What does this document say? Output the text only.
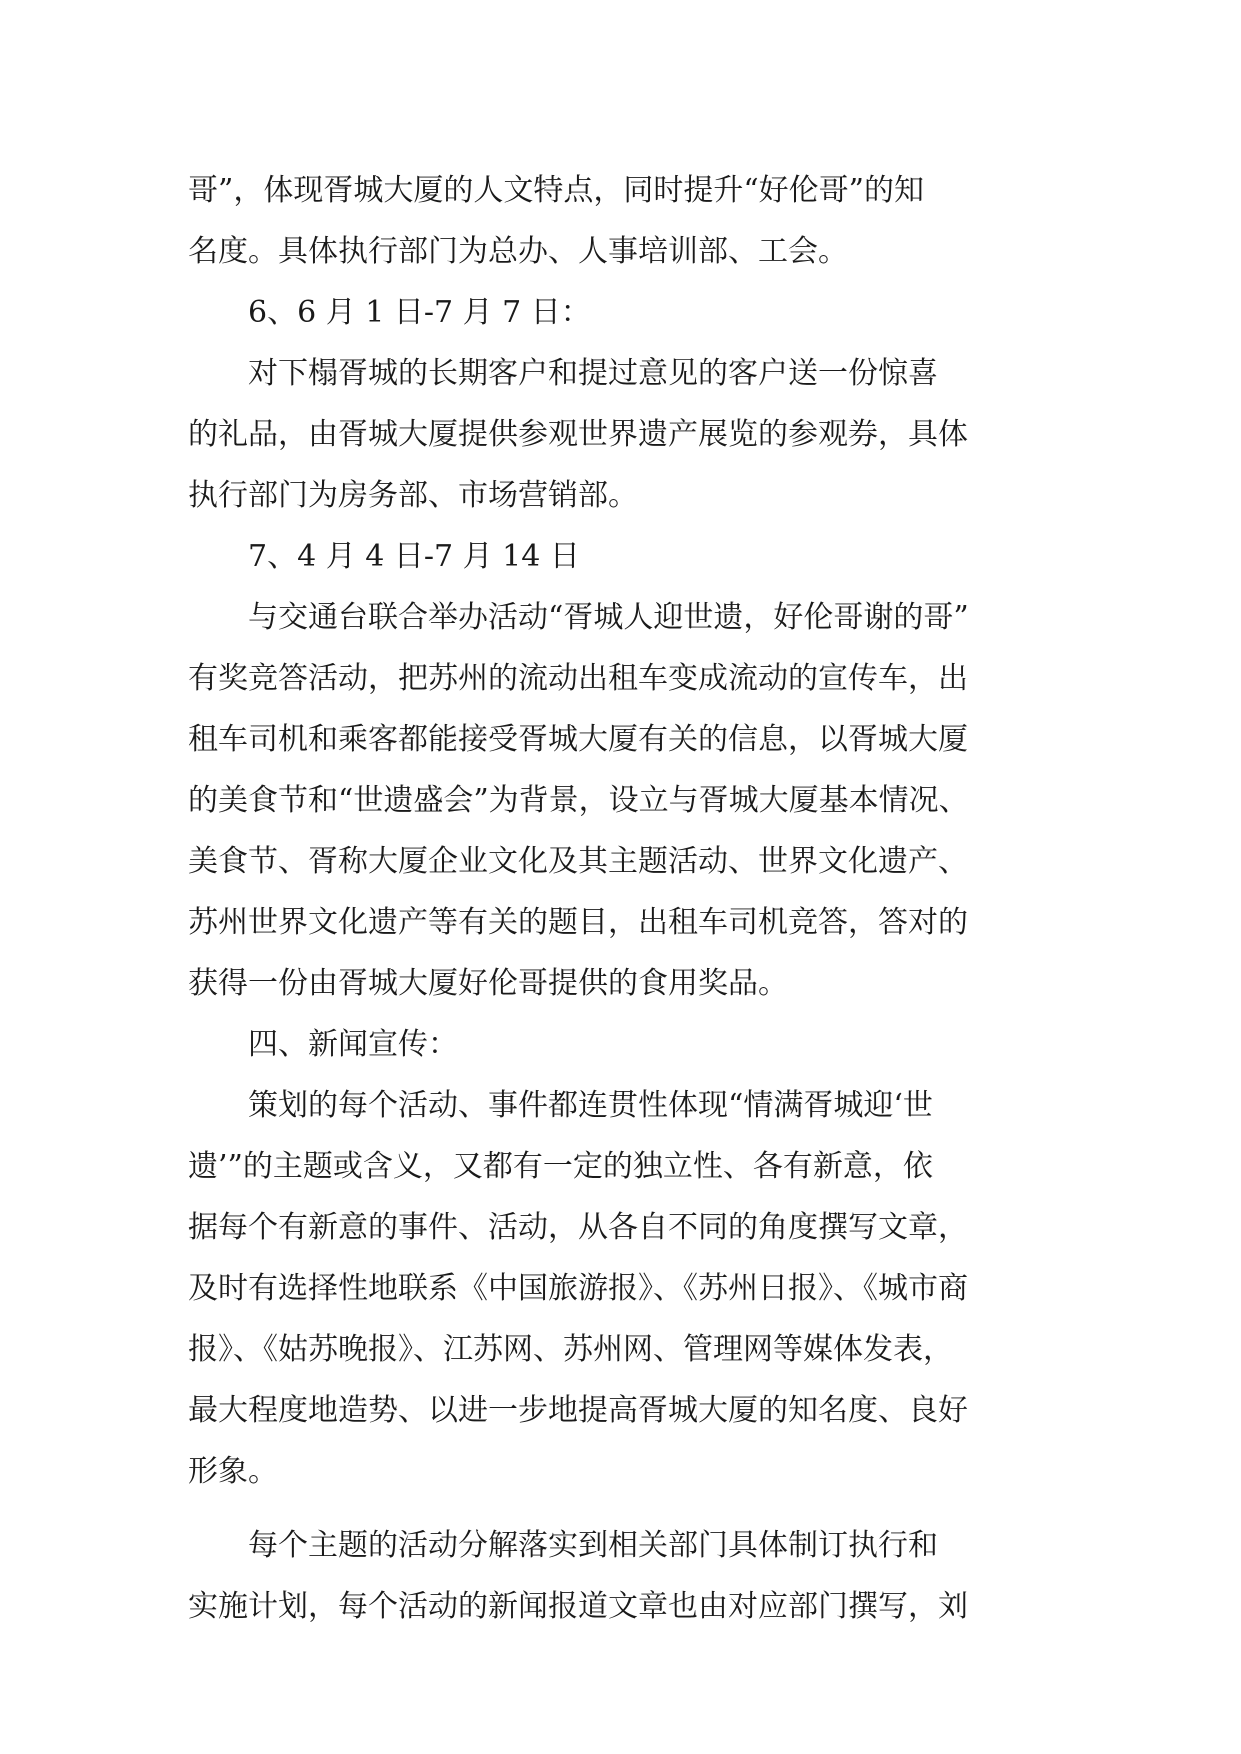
哥”，体现胥城大厦的人文特点，同时提升“好伦哥”的知
名度。具体执行部门为总办、人事培训部、工会。
6、6 月 1 日-7 月 7 日：
对下榻胥城的长期客户和提过意见的客户送一份惊喜
的礼品，由胥城大厦提供参观世界遗产展览的参观券，具体
执行部门为房务部、市场营销部。
7、4 月 4 日-7 月 14 日
与交通台联合举办活动“胥城人迎世遗，好伦哥谢的哥”
有奖竞答活动，把苏州的流动出租车变成流动的宣传车，出
租车司机和乘客都能接受胥城大厦有关的信息，以胥城大厦
的美食节和“世遗盛会”为背景，设立与胥城大厦基本情况、
美食节、胥称大厦企业文化及其主题活动、世界文化遗产、
苏州世界文化遗产等有关的题目，出租车司机竞答，答对的
获得一份由胥城大厦好伦哥提供的食用奖品。
四、新闻宣传：
策划的每个活动、事件都连贯性体现“情满胥城迎‘世
遗’”的主题或含义，又都有一定的独立性、各有新意，依
据每个有新意的事件、活动，从各自不同的角度撰写文章，
及时有选择性地联系《中国旅游报》、《苏州日报》、《城市商
报》、《姑苏晚报》、江苏网、苏州网、管理网等媒体发表，
最大程度地造势、以进一步地提高胥城大厦的知名度、良好
形象。
每个主题的活动分解落实到相关部门具体制订执行和
实施计划，每个活动的新闻报道文章也由对应部门撰写，刘
